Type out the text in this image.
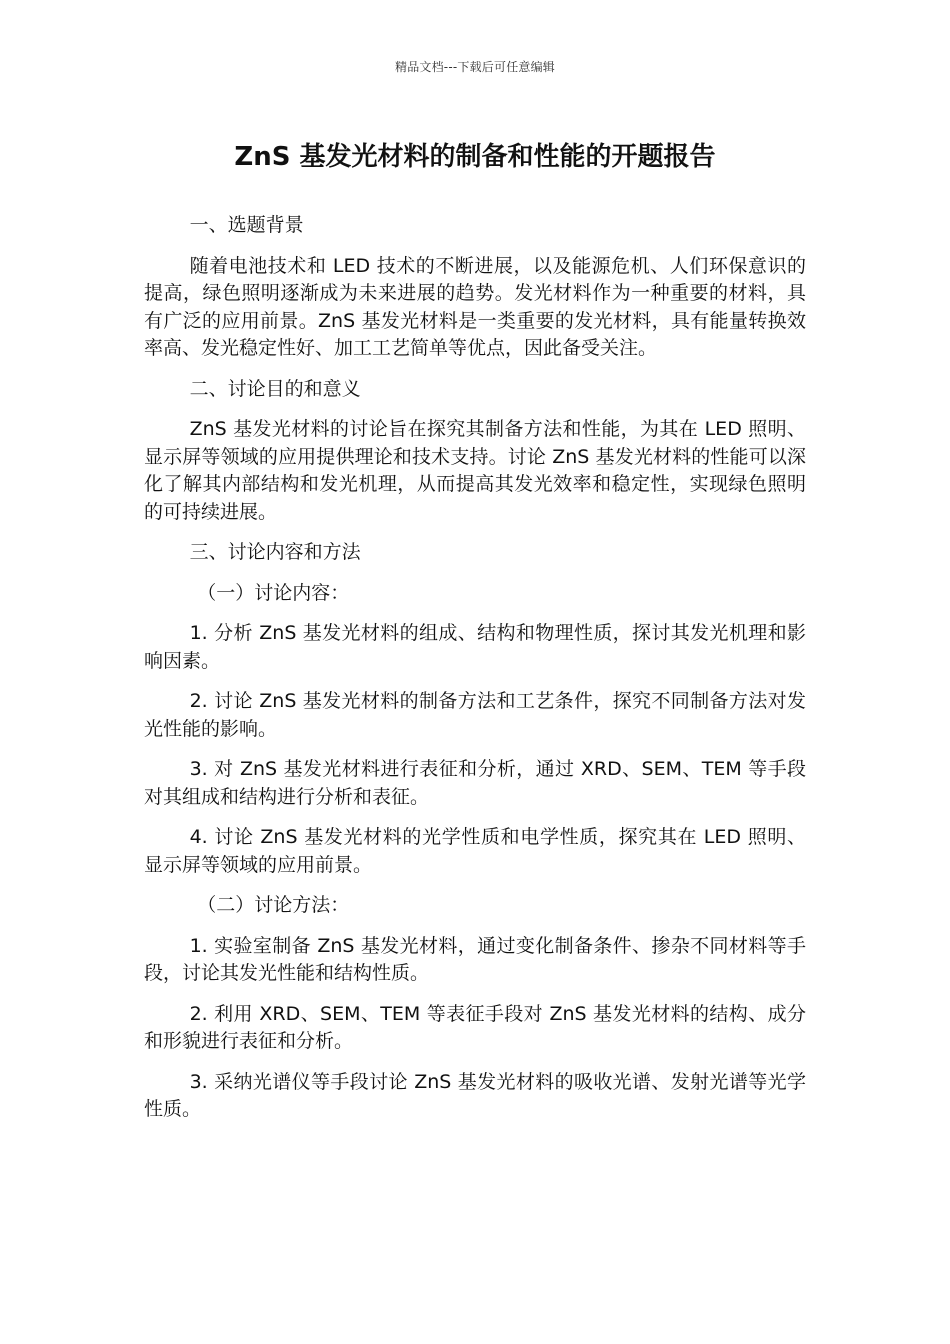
精品文档---下载后可任意编辑
ZnS 基发光材料的制备和性能的开题报告

一、选题背景

随着电池技术和 LED 技术的不断进展，以及能源危机、人们环保意识的提高，绿色照明逐渐成为未来进展的趋势。发光材料作为一种重要的材料，具有广泛的应用前景。ZnS 基发光材料是一类重要的发光材料，具有能量转换效率高、发光稳定性好、加工工艺简单等优点，因此备受关注。

二、讨论目的和意义

ZnS 基发光材料的讨论旨在探究其制备方法和性能，为其在 LED 照明、显示屏等领域的应用提供理论和技术支持。讨论 ZnS 基发光材料的性能可以深化了解其内部结构和发光机理，从而提高其发光效率和稳定性，实现绿色照明的可持续进展。

三、讨论内容和方法

（一）讨论内容：

1. 分析 ZnS 基发光材料的组成、结构和物理性质，探讨其发光机理和影响因素。

2. 讨论 ZnS 基发光材料的制备方法和工艺条件，探究不同制备方法对发光性能的影响。

3. 对 ZnS 基发光材料进行表征和分析，通过 XRD、SEM、TEM 等手段对其组成和结构进行分析和表征。

4. 讨论 ZnS 基发光材料的光学性质和电学性质，探究其在 LED 照明、显示屏等领域的应用前景。

（二）讨论方法：

1. 实验室制备 ZnS 基发光材料，通过变化制备条件、掺杂不同材料等手段，讨论其发光性能和结构性质。

2. 利用 XRD、SEM、TEM 等表征手段对 ZnS 基发光材料的结构、成分和形貌进行表征和分析。

3. 采纳光谱仪等手段讨论 ZnS 基发光材料的吸收光谱、发射光谱等光学性质。
